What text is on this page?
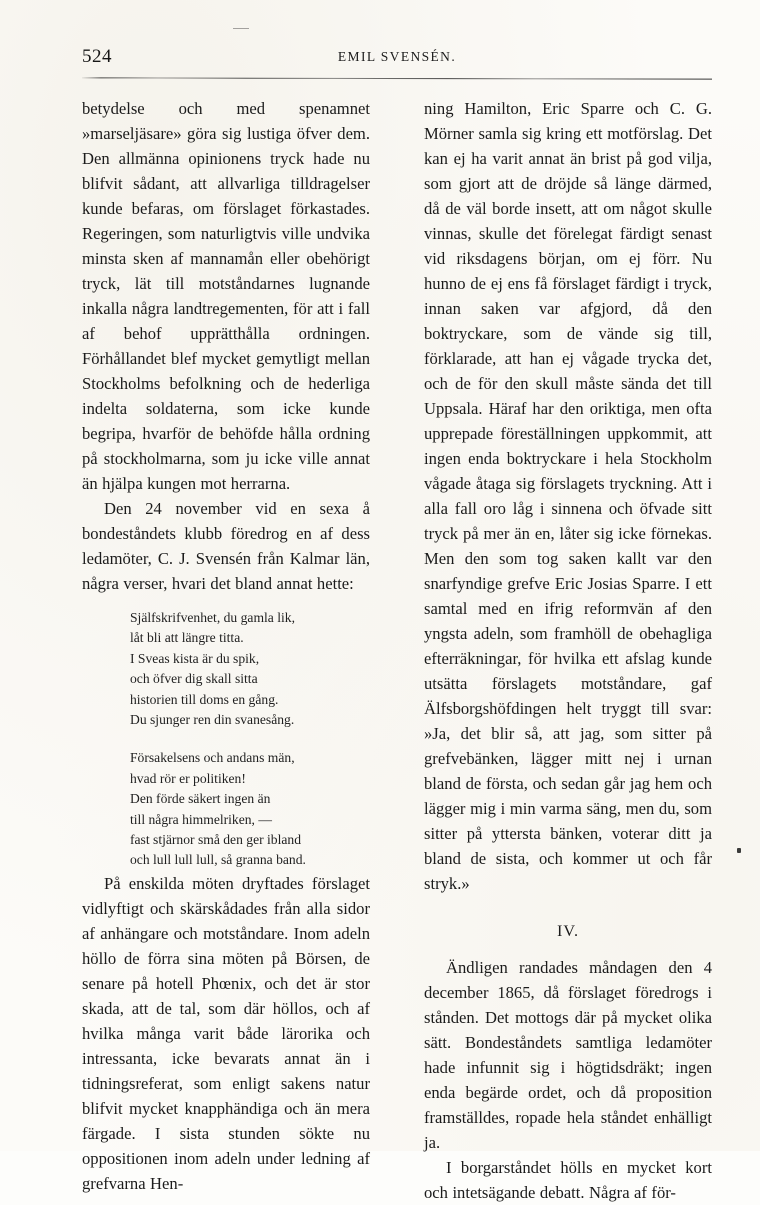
524	EMIL SVENSÉN.

betydelse och med spenamnet »marseljäsare» göra sig lustiga öfver dem. Den allmänna opinionens tryck hade nu blifvit sådant, att allvarliga tilldragelser kunde befaras, om förslaget förkastades. Regeringen, som naturligtvis ville undvika minsta sken af mannamån eller obehörigt tryck, lät till motståndarnes lugnande inkalla några landtregementen, för att i fall af behof upprätthålla ordningen. Förhållandet blef mycket gemytligt mellan Stockholms befolkning och de hederliga indelta soldaterna, som icke kunde begripa, hvarför de behöfde hålla ordning på stockholmarna, som ju icke ville annat än hjälpa kungen mot herrarna.

Den 24 november vid en sexa å bondeståndets klubb föredrog en af dess ledamöter, C. J. Svensén från Kalmar län, några verser, hvari det bland annat hette:

Själfskrifvenhet, du gamla lik,
låt bli att längre titta.
I Sveas kista är du spik,
och öfver dig skall sitta
historien till doms en gång.
Du sjunger ren din svanesång.
Försakelsens och andans män,
hvad rör er politiken!
Den förde säkert ingen än
till några himmelriken, —
fast stjärnor små den ger ibland
och lull lull lull, så granna band.

På enskilda möten dryftades förslaget vidlyftigt och skärskådades från alla sidor af anhängare och motståndare. Inom adeln höllo de förra sina möten på Börsen, de senare på hotell Phœnix, och det är stor skada, att de tal, som där höllos, och af hvilka många varit både lärorika och intressanta, icke bevarats annat än i tidningsreferat, som enligt sakens natur blifvit mycket knapphändiga och än mera färgade. I sista stunden sökte nu oppositionen inom adeln under ledning af grefvarna Hen-

ning Hamilton, Eric Sparre och C. G. Mörner samla sig kring ett motförslag. Det kan ej ha varit annat än brist på god vilja, som gjort att de dröjde så länge därmed, då de väl borde insett, att om något skulle vinnas, skulle det förelegat färdigt senast vid riksdagens början, om ej förr. Nu hunno de ej ens få förslaget färdigt i tryck, innan saken var afgjord, då den boktryckare, som de vände sig till, förklarade, att han ej vågade trycka det, och de för den skull måste sända det till Uppsala. Häraf har den oriktiga, men ofta upprepade föreställningen uppkommit, att ingen enda boktryckare i hela Stockholm vågade åtaga sig förslagets tryckning. Att i alla fall oro låg i sinnena och öfvade sitt tryck på mer än en, låter sig icke förnekas. Men den som tog saken kallt var den snarfyndige grefve Eric Josias Sparre. I ett samtal med en ifrig reformvän af den yngsta adeln, som framhöll de obehagliga efterräkningar, för hvilka ett afslag kunde utsätta förslagets motståndare, gaf Älfsborgshöfdingen helt tryggt till svar: »Ja, det blir så, att jag, som sitter på grefvebänken, lägger mitt nej i urnan bland de första, och sedan går jag hem och lägger mig i min varma säng, men du, som sitter på yttersta bänken, voterar ditt ja bland de sista, och kommer ut och får stryk.»

IV.

Ändligen randades måndagen den 4 december 1865, då förslaget föredrogs i stånden. Det mottogs där på mycket olika sätt. Bondeståndets samtliga ledamöter hade infunnit sig i högtidsdräkt; ingen enda begärde ordet, och då proposition framställdes, ropade hela ståndet enhälligt ja.

I borgarståndet hölls en mycket kort och intetsägande debatt. Några af för-
